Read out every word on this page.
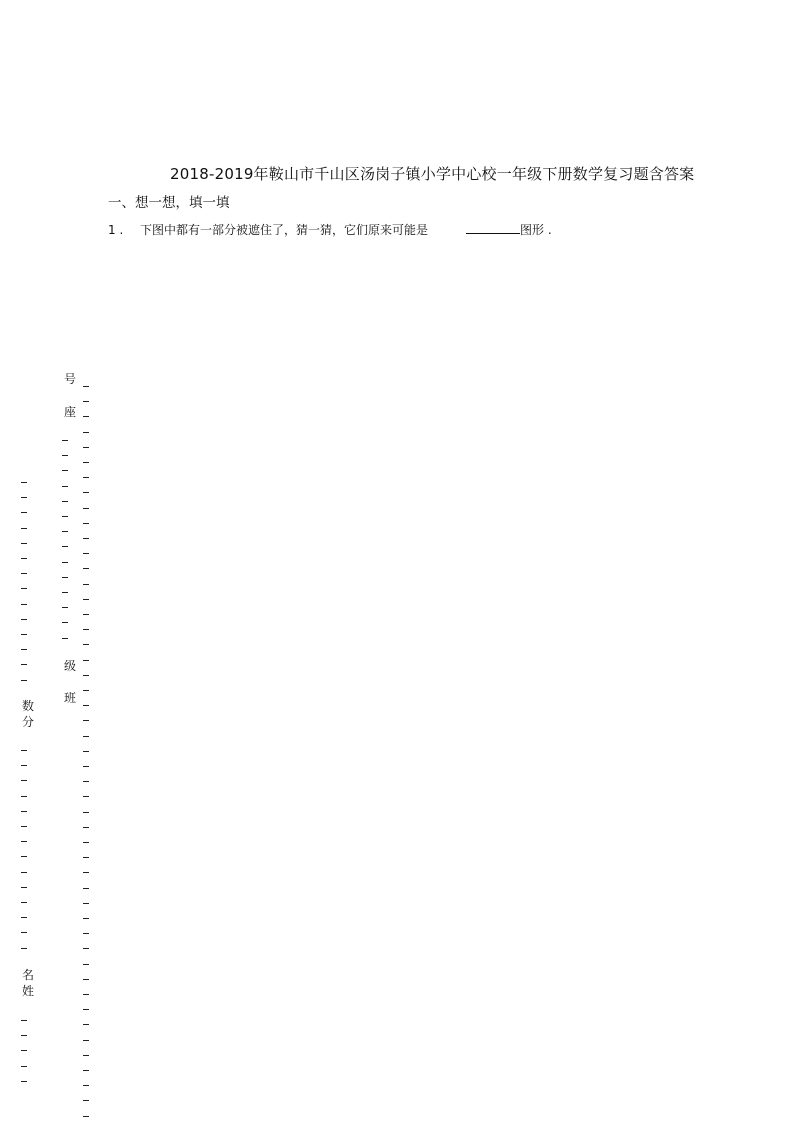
2018-2019年鞍山市千山区汤岗子镇小学中心校一年级下册数学复习题含答案
一、想一想，填一填
1 .	下图中都有一部分被遮住了，猜一猜，它们原来可能是	图形 .
号
座
级
班
数
分
名
姓
